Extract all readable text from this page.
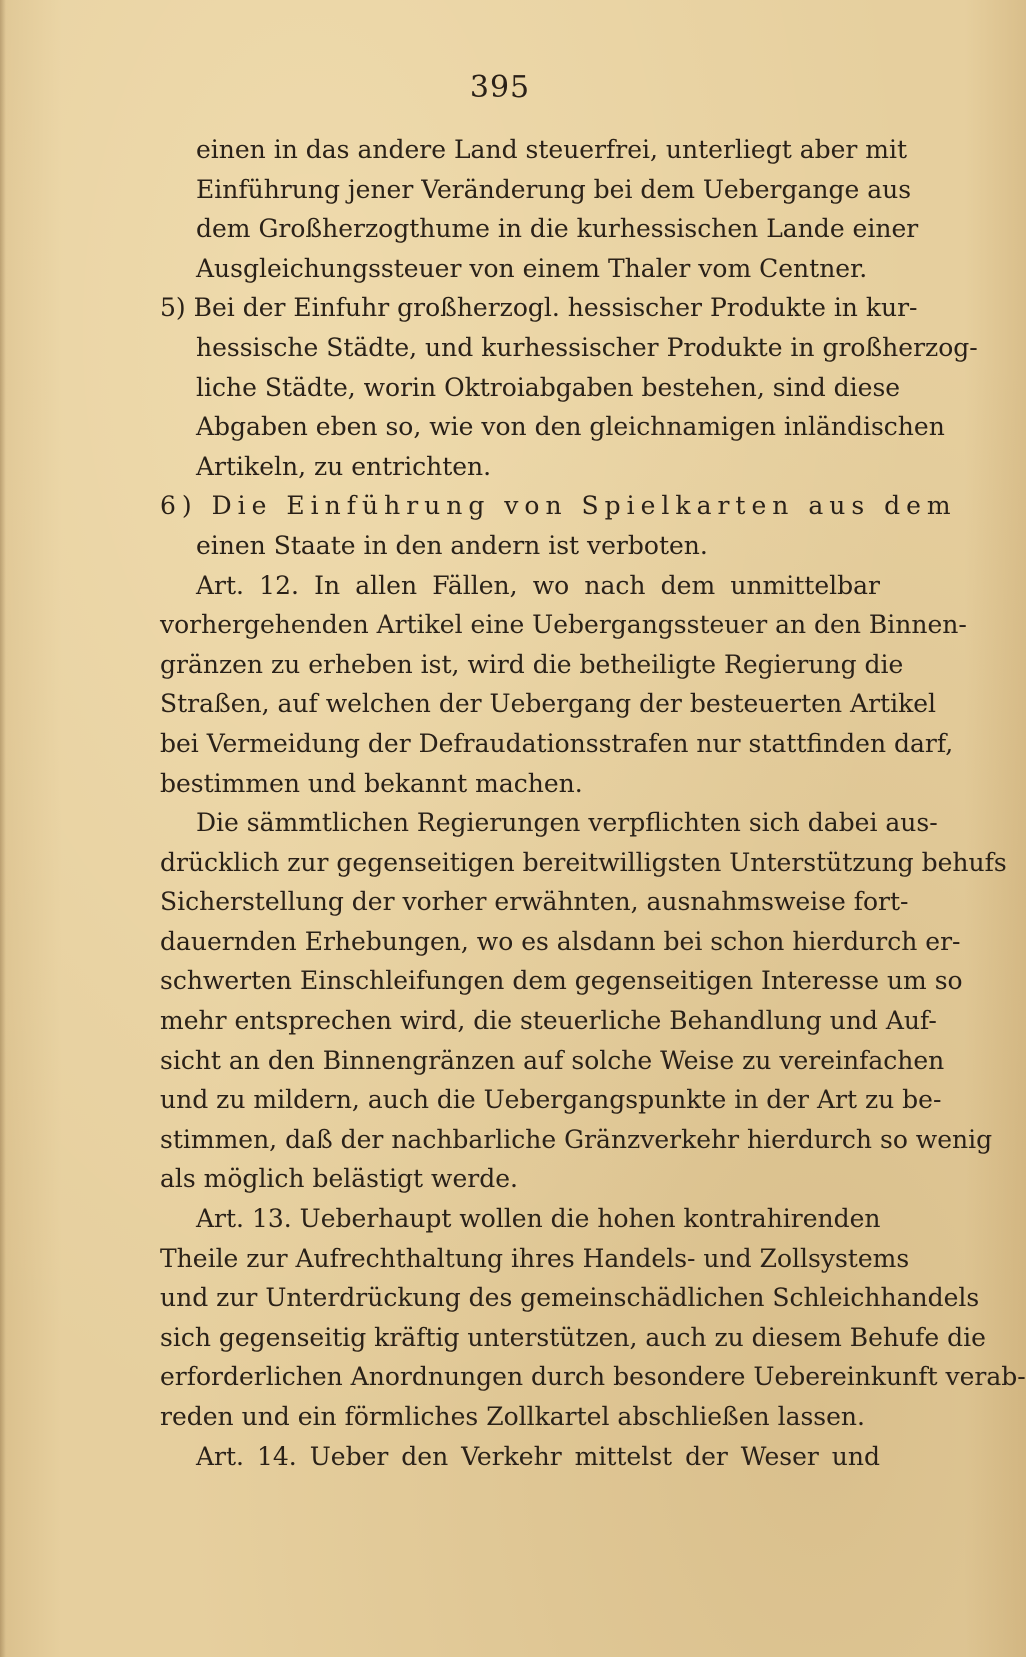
395
einen in das andere Land steuerfrei, unterliegt aber mit
Einführung jener Veränderung bei dem Uebergange aus
dem Großherzogthume in die kurhessischen Lande einer
Ausgleichungssteuer von einem Thaler vom Centner.
5) Bei der Einfuhr großherzogl. hessischer Produkte in kur-
hessische Städte, und kurhessischer Produkte in großherzog-
liche Städte, worin Oktroiabgaben bestehen, sind diese
Abgaben eben so, wie von den gleichnamigen inländischen
Artikeln, zu entrichten.
6) Die Einführung von Spielkarten aus dem
einen Staate in den andern ist verboten.
Art. 12. In allen Fällen, wo nach dem unmittelbar
vorhergehenden Artikel eine Uebergangssteuer an den Binnen-
gränzen zu erheben ist, wird die betheiligte Regierung die
Straßen, auf welchen der Uebergang der besteuerten Artikel
bei Vermeidung der Defraudationsstrafen nur stattfinden darf,
bestimmen und bekannt machen.
Die sämmtlichen Regierungen verpflichten sich dabei aus-
drücklich zur gegenseitigen bereitwilligsten Unterstützung behufs
Sicherstellung der vorher erwähnten, ausnahmsweise fort-
dauernden Erhebungen, wo es alsdann bei schon hierdurch er-
schwerten Einschleifungen dem gegenseitigen Interesse um so
mehr entsprechen wird, die steuerliche Behandlung und Auf-
sicht an den Binnengränzen auf solche Weise zu vereinfachen
und zu mildern, auch die Uebergangspunkte in der Art zu be-
stimmen, daß der nachbarliche Gränzverkehr hierdurch so wenig
als möglich belästigt werde.
Art. 13. Ueberhaupt wollen die hohen kontrahirenden
Theile zur Aufrechthaltung ihres Handels- und Zollsystems
und zur Unterdrückung des gemeinschädlichen Schleichhandels
sich gegenseitig kräftig unterstützen, auch zu diesem Behufe die
erforderlichen Anordnungen durch besondere Uebereinkunft verab-
reden und ein förmliches Zollkartel abschließen lassen.
Art. 14. Ueber den Verkehr mittelst der Weser und
